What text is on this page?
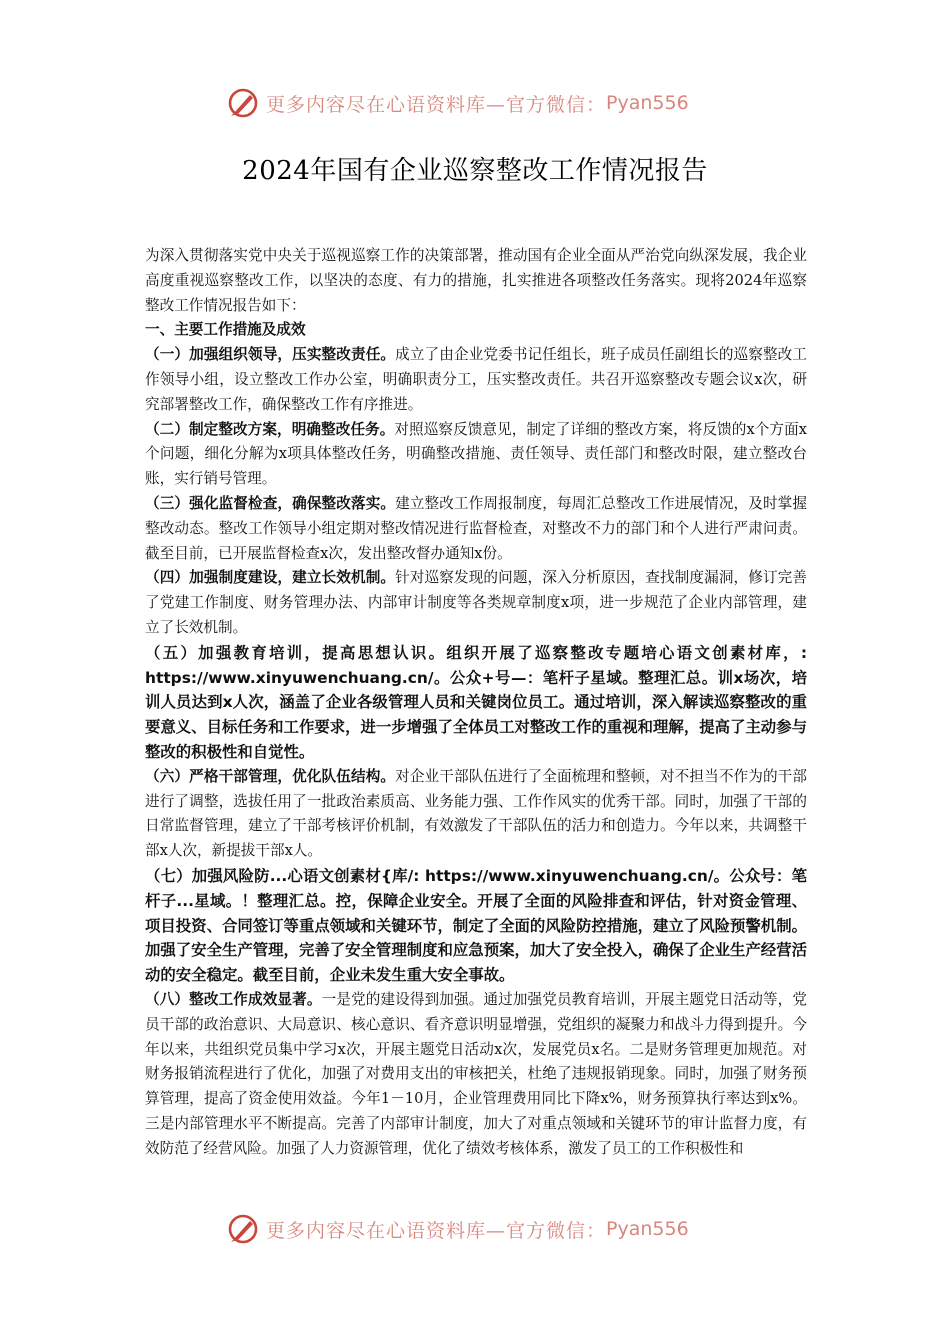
更多内容尽在心语资料库—官方微信： Pyan556
2024年国有企业巡察整改工作情况报告

为深入贯彻落实党中央关于巡视巡察工作的决策部署，推动国有企业全面从严治党向纵深发展，我企业高度重视巡察整改工作，以坚决的态度、有力的措施，扎实推进各项整改任务落实。现将2024年巡察整改工作情况报告如下：

一、主要工作措施及成效

（一）加强组织领导，压实整改责任。成立了由企业党委书记任组长，班子成员任副组长的巡察整改工作领导小组，设立整改工作办公室，明确职责分工，压实整改责任。共召开巡察整改专题会议x次，研究部署整改工作，确保整改工作有序推进。

（二）制定整改方案，明确整改任务。对照巡察反馈意见，制定了详细的整改方案，将反馈的x个方面x个问题，细化分解为x项具体整改任务，明确整改措施、责任领导、责任部门和整改时限，建立整改台账，实行销号管理。

（三）强化监督检查，确保整改落实。建立整改工作周报制度，每周汇总整改工作进展情况，及时掌握整改动态。整改工作领导小组定期对整改情况进行监督检查，对整改不力的部门和个人进行严肃问责。截至目前，已开展监督检查x次，发出整改督办通知x份。

（四）加强制度建设，建立长效机制。针对巡察发现的问题，深入分析原因，查找制度漏洞，修订完善了党建工作制度、财务管理办法、内部审计制度等各类规章制度x项，进一步规范了企业内部管理，建立了长效机制。

（五）加强教育培训，提高思想认识。组织开展了巡察整改专题培心语文创素材库，: https://www.xinyuwenchuang.cn/。公众+号—：笔杆子星域。整理汇总。训x场次，培训人员达到x人次，涵盖了企业各级管理人员和关键岗位员工。通过培训，深入解读巡察整改的重要意义、目标任务和工作要求，进一步增强了全体员工对整改工作的重视和理解，提高了主动参与整改的积极性和自觉性。

（六）严格干部管理，优化队伍结构。对企业干部队伍进行了全面梳理和整顿，对不担当不作为的干部进行了调整，选拔任用了一批政治素质高、业务能力强、工作作风实的优秀干部。同时，加强了干部的日常监督管理，建立了干部考核评价机制，有效激发了干部队伍的活力和创造力。今年以来，共调整干部x人次，新提拔干部x人。

（七）加强风险防...心语文创素材{库/: https://www.xinyuwenchuang.cn/。公众号：笔杆子...星域。！整理汇总。控，保障企业安全。开展了全面的风险排查和评估，针对资金管理、项目投资、合同签订等重点领域和关键环节，制定了全面的风险防控措施，建立了风险预警机制。加强了安全生产管理，完善了安全管理制度和应急预案，加大了安全投入，确保了企业生产经营活动的安全稳定。截至目前，企业未发生重大安全事故。

（八）整改工作成效显著。一是党的建设得到加强。通过加强党员教育培训，开展主题党日活动等，党员干部的政治意识、大局意识、核心意识、看齐意识明显增强，党组织的凝聚力和战斗力得到提升。今年以来，共组织党员集中学习x次，开展主题党日活动x次，发展党员x名。二是财务管理更加规范。对财务报销流程进行了优化，加强了对费用支出的审核把关，杜绝了违规报销现象。同时，加强了财务预算管理，提高了资金使用效益。今年1－10月，企业管理费用同比下降x%，财务预算执行率达到x%。三是内部管理水平不断提高。完善了内部审计制度，加大了对重点领域和关键环节的审计监督力度，有效防范了经营风险。加强了人力资源管理，优化了绩效考核体系，激发了员工的工作积极性和

更多内容尽在心语资料库—官方微信： Pyan556
